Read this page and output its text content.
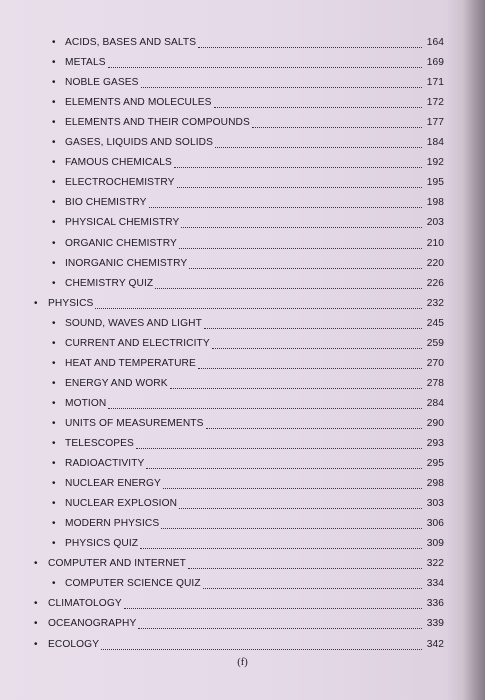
• ACIDS, BASES AND SALTS	164
• METALS	169
• NOBLE GASES	171
• ELEMENTS AND MOLECULES	172
• ELEMENTS AND THEIR COMPOUNDS	177
• GASES, LIQUIDS AND SOLIDS	184
• FAMOUS CHEMICALS	192
• ELECTROCHEMISTRY	195
• BIO CHEMISTRY	198
• PHYSICAL CHEMISTRY	203
• ORGANIC CHEMISTRY	210
• INORGANIC CHEMISTRY	220
• CHEMISTRY QUIZ	226
•	PHYSICS	232
• SOUND, WAVES AND LIGHT	245
• CURRENT AND ELECTRICITY	259
• HEAT AND TEMPERATURE	270
• ENERGY AND WORK	278
• MOTION	284
• UNITS OF MEASUREMENTS	290
• TELESCOPES	293
• RADIOACTIVITY	295
• NUCLEAR ENERGY	298
• NUCLEAR EXPLOSION	303
• MODERN PHYSICS	306
• PHYSICS QUIZ	309
•	COMPUTER AND INTERNET	322
• COMPUTER SCIENCE QUIZ	334
•	CLIMATOLOGY	336
•	OCEANOGRAPHY	339
•	ECOLOGY	342
(f)
